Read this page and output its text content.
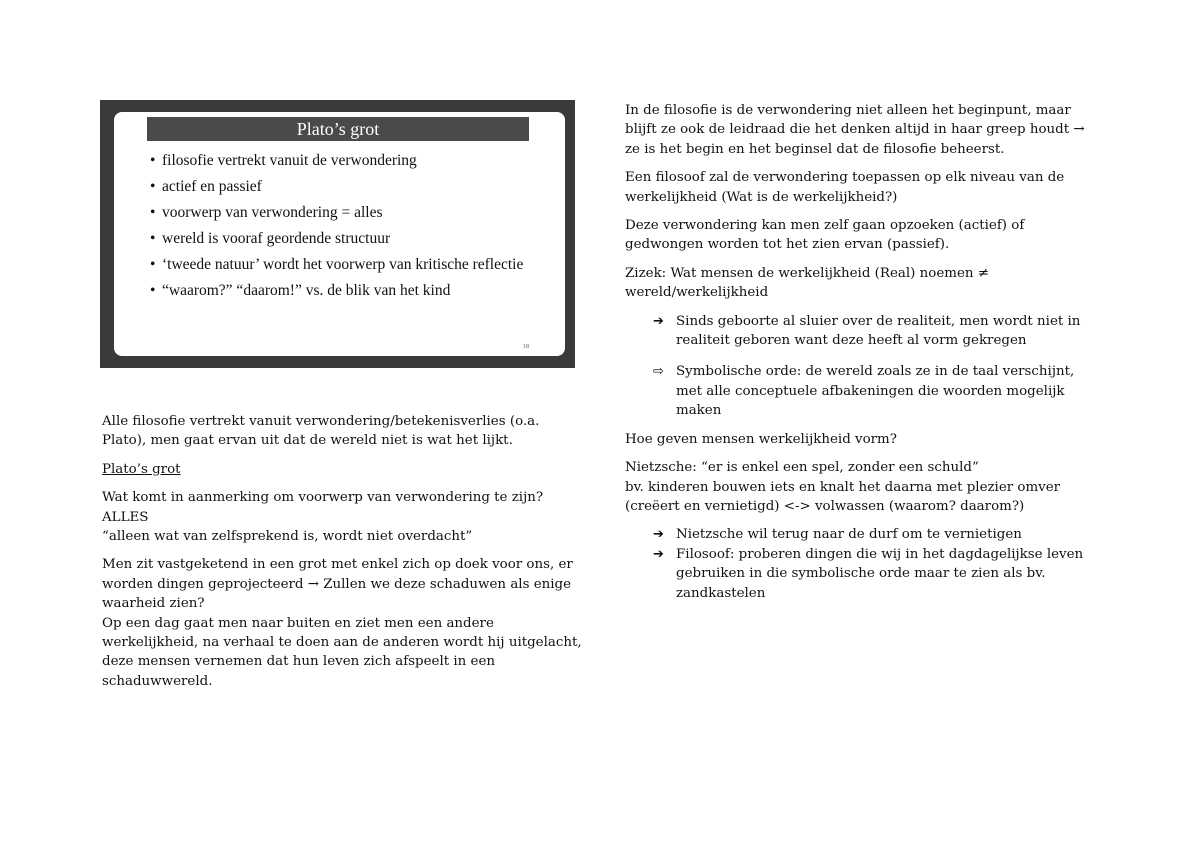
Plato’s grot
• filosofie vertrekt vanuit de verwondering
• actief en passief
• voorwerp van verwondering = alles
• wereld is vooraf geordende structuur
• ‘tweede natuur’ wordt het voorwerp van kritische reflectie
• “waarom?” “daarom!” vs. de blik van het kind
18

Alle filosofie vertrekt vanuit verwondering/betekenisverlies (o.a. Plato), men gaat ervan uit dat de wereld niet is wat het lijkt.

Plato’s grot

Wat komt in aanmerking om voorwerp van verwondering te zijn?
ALLES
“alleen wat van zelfsprekend is, wordt niet overdacht”

Men zit vastgeketend in een grot met enkel zich op doek voor ons, er worden dingen geprojecteerd → Zullen we deze schaduwen als enige waarheid zien?
Op een dag gaat men naar buiten en ziet men een andere werkelijkheid, na verhaal te doen aan de anderen wordt hij uitgelacht, deze mensen vernemen dat hun leven zich afspeelt in een schaduwwereld.

In de filosofie is de verwondering niet alleen het beginpunt, maar blijft ze ook de leidraad die het denken altijd in haar greep houdt → ze is het begin en het beginsel dat de filosofie beheerst.

Een filosoof zal de verwondering toepassen op elk niveau van de werkelijkheid (Wat is de werkelijkheid?)

Deze verwondering kan men zelf gaan opzoeken (actief) of gedwongen worden tot het zien ervan (passief).

Zizek: Wat mensen de werkelijkheid (Real) noemen ≠ wereld/werkelijkheid

➔ Sinds geboorte al sluier over de realiteit, men wordt niet in realiteit geboren want deze heeft al vorm gekregen
⇨ Symbolische orde: de wereld zoals ze in de taal verschijnt, met alle conceptuele afbakeningen die woorden mogelijk maken

Hoe geven mensen werkelijkheid vorm?

Nietzsche: “er is enkel een spel, zonder een schuld”
bv. kinderen bouwen iets en knalt het daarna met plezier omver (creëert en vernietigd) <-> volwassen (waarom? daarom?)

➔ Nietzsche wil terug naar de durf om te vernietigen
➔ Filosoof: proberen dingen die wij in het dagdagelijkse leven gebruiken in die symbolische orde maar te zien als bv. zandkastelen
